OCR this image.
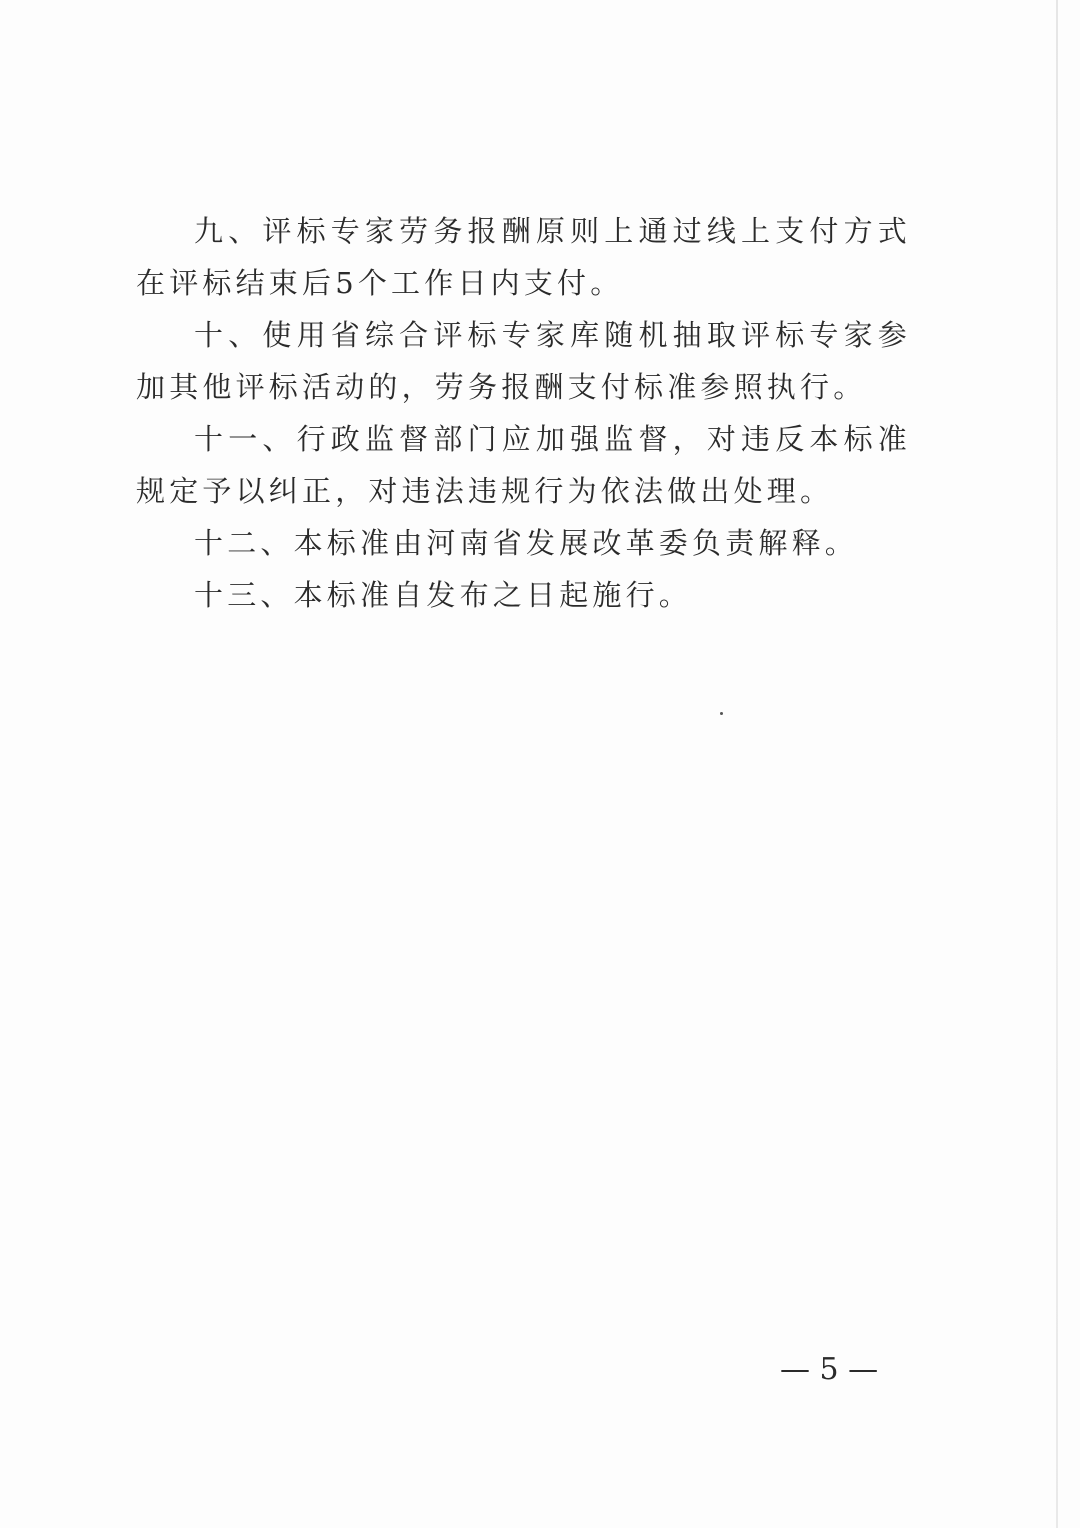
九、评标专家劳务报酬原则上通过线上支付方式在评标结束后5个工作日内支付。

十、使用省综合评标专家库随机抽取评标专家参加其他评标活动的，劳务报酬支付标准参照执行。

十一、行政监督部门应加强监督，对违反本标准规定予以纠正，对违法违规行为依法做出处理。

十二、本标准由河南省发展改革委负责解释。

十三、本标准自发布之日起施行。

— 5 —
